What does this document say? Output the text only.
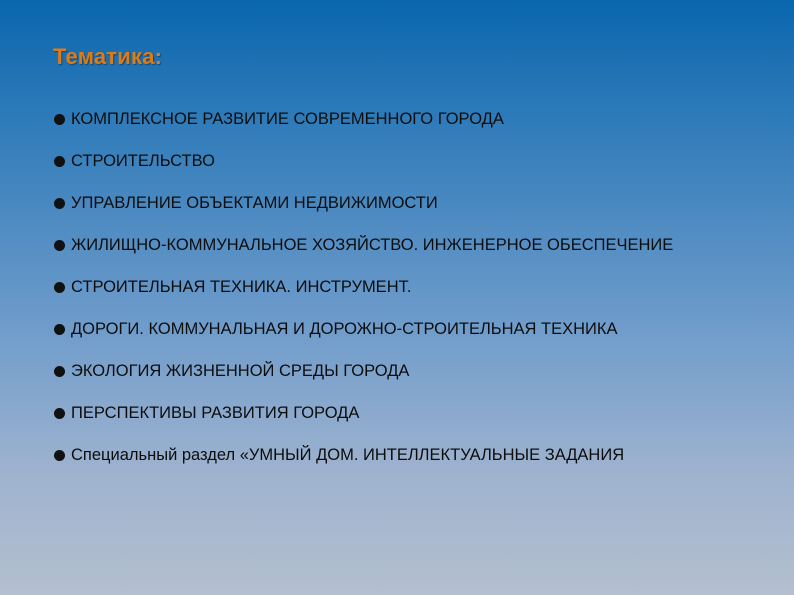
Тематика:
КОМПЛЕКСНОЕ РАЗВИТИЕ СОВРЕМЕННОГО ГОРОДА
СТРОИТЕЛЬСТВО
УПРАВЛЕНИЕ ОБЪЕКТАМИ НЕДВИЖИМОСТИ
ЖИЛИЩНО-КОММУНАЛЬНОЕ ХОЗЯЙСТВО. ИНЖЕНЕРНОЕ ОБЕСПЕЧЕНИЕ
СТРОИТЕЛЬНАЯ ТЕХНИКА. ИНСТРУМЕНТ.
ДОРОГИ. КОММУНАЛЬНАЯ И ДОРОЖНО-СТРОИТЕЛЬНАЯ ТЕХНИКА
ЭКОЛОГИЯ ЖИЗНЕННОЙ СРЕДЫ ГОРОДА
ПЕРСПЕКТИВЫ РАЗВИТИЯ ГОРОДА
Специальный раздел «УМНЫЙ ДОМ. ИНТЕЛЛЕКТУАЛЬНЫЕ ЗАДАНИЯ
